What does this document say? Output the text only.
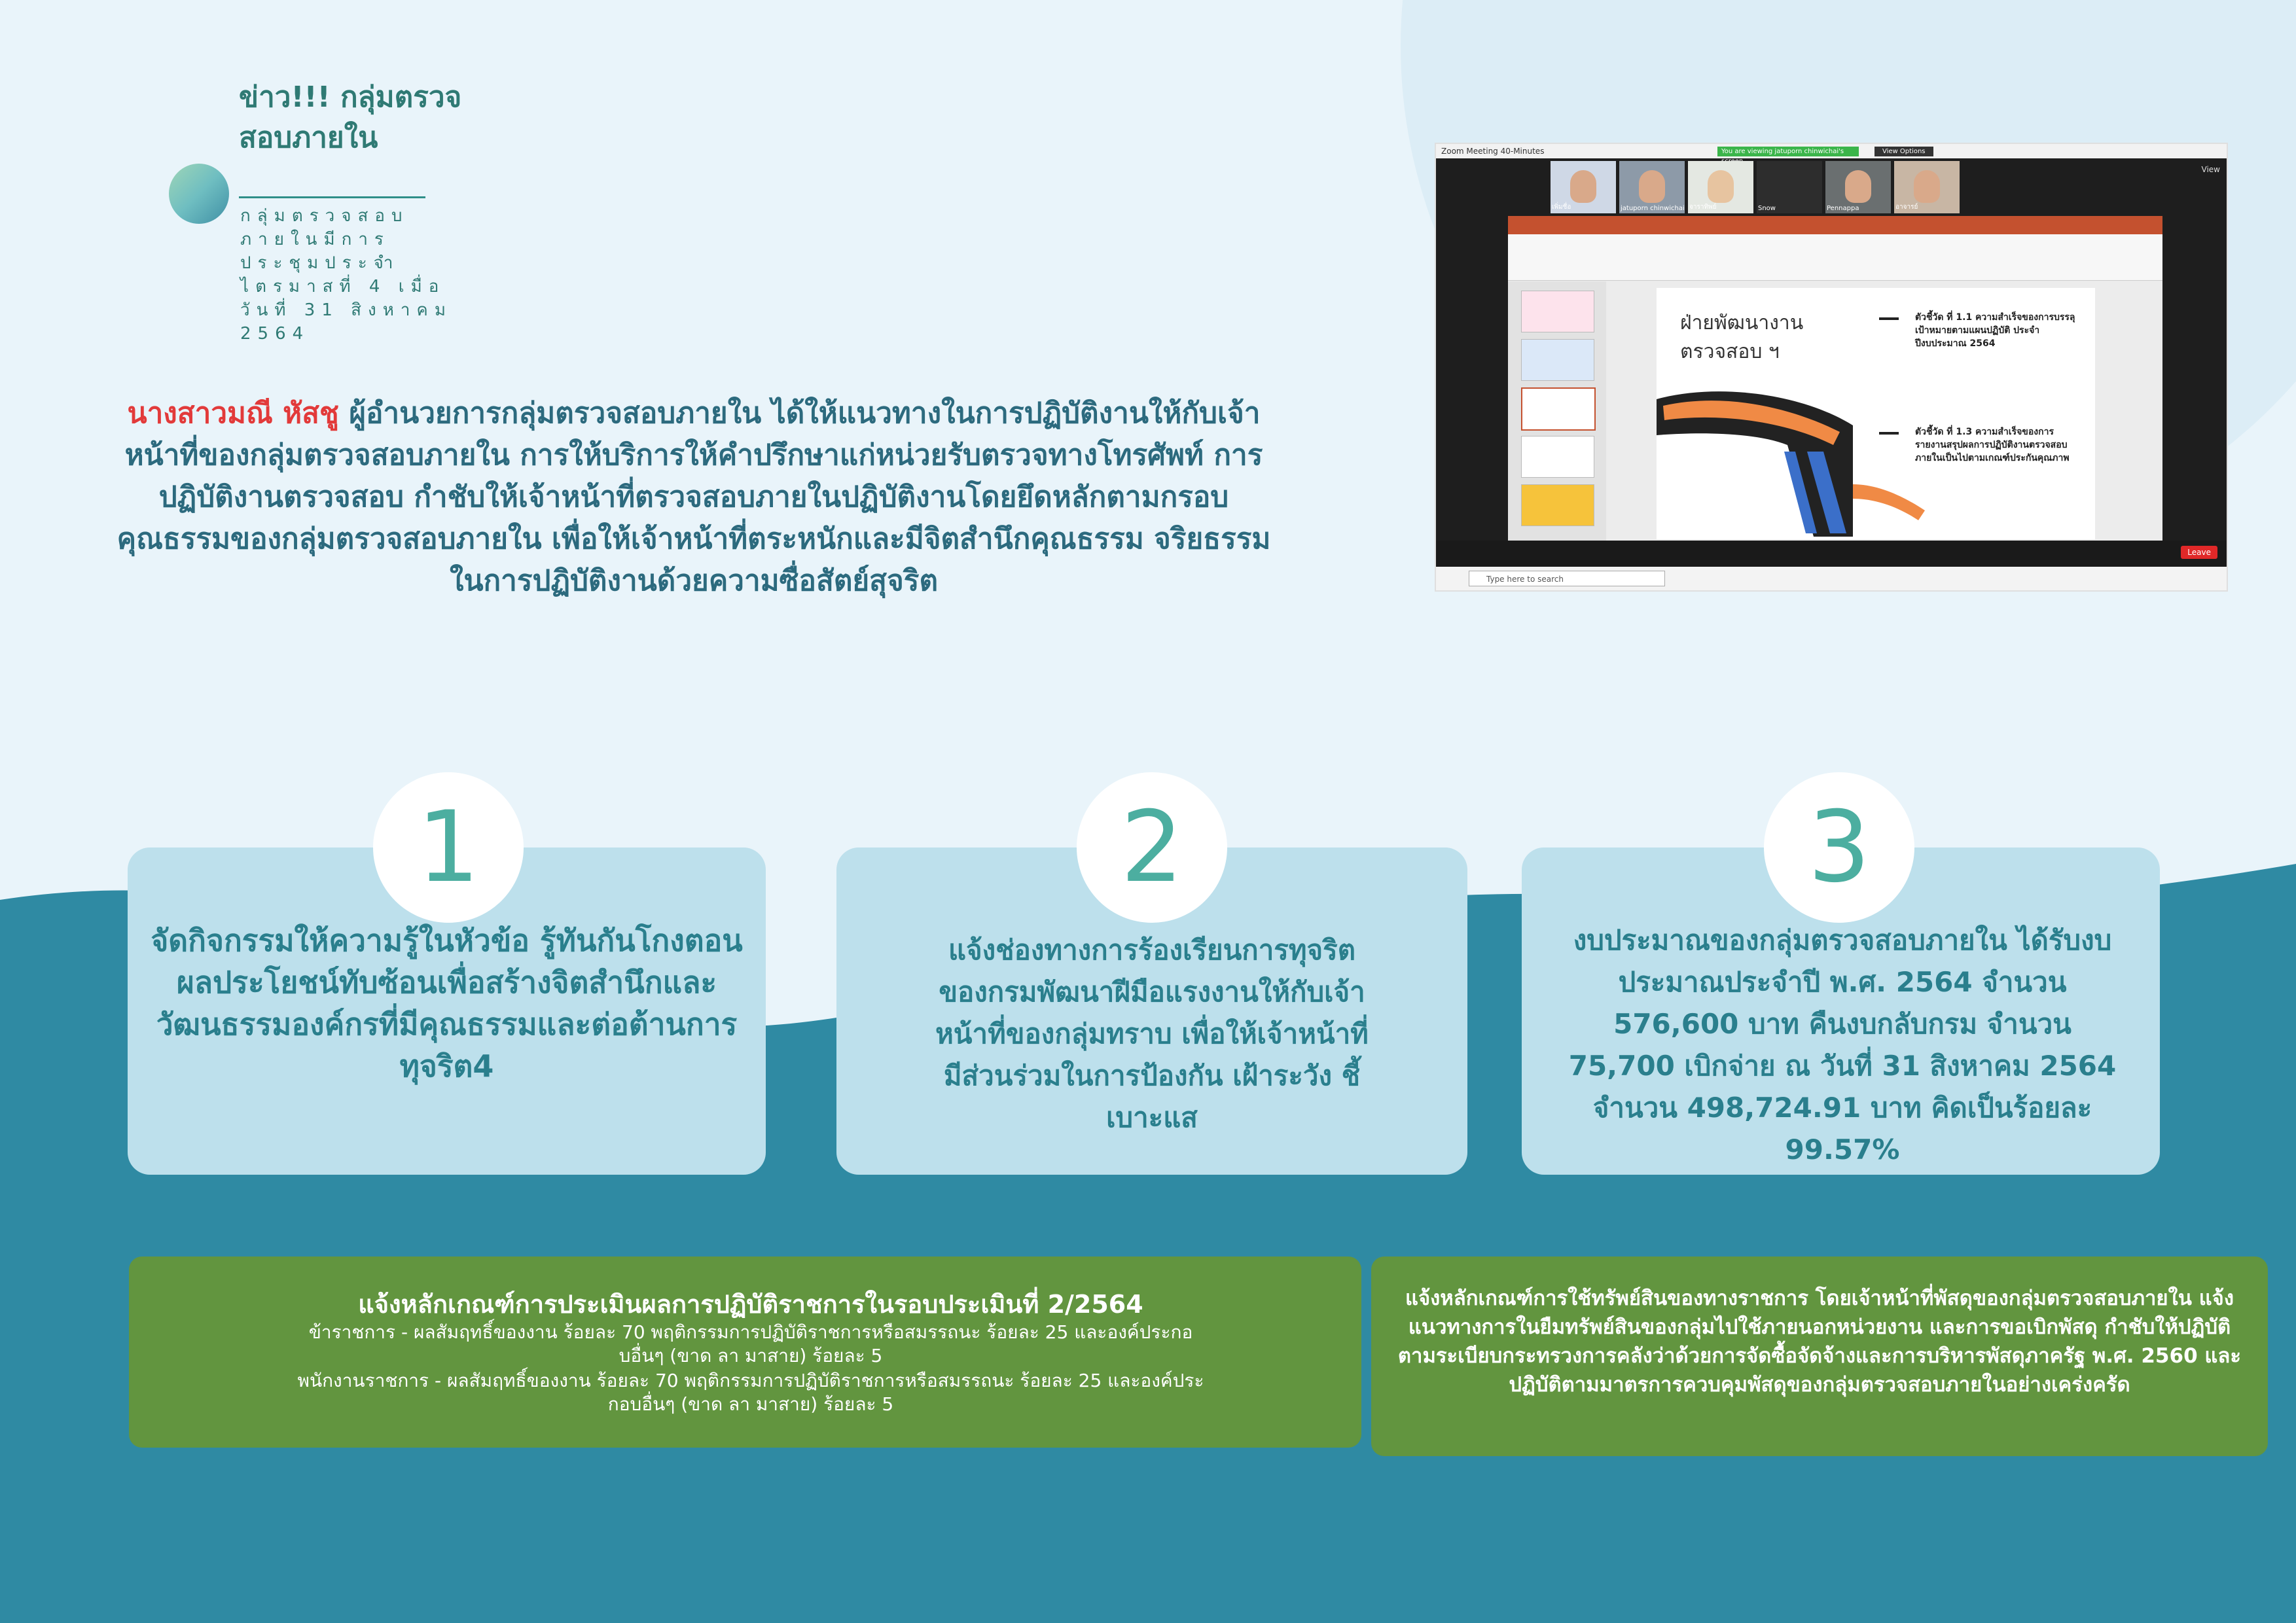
ข่าว!!! กลุ่มตรวจสอบภายใน
กลุ่มตรวจสอบภายในมีการประชุมประจำไตรมาสที่ 4 เมื่อวันที่ 31 สิงหาคม 2564

นางสาวมณี หัสชู ผู้อำนวยการกลุ่มตรวจสอบภายใน ได้ให้แนวทางในการปฏิบัติงานให้กับเจ้าหน้าที่ของกลุ่มตรวจสอบภายใน การให้บริการให้คำปรึกษาแก่หน่วยรับตรวจทางโทรศัพท์ การปฏิบัติงานตรวจสอบ กำชับให้เจ้าหน้าที่ตรวจสอบภายในปฏิบัติงานโดยยึดหลักตามกรอบคุณธรรมของกลุ่มตรวจสอบภายใน เพื่อให้เจ้าหน้าที่ตระหนักและมีจิตสำนึกคุณธรรม จริยธรรมในการปฏิบัติงานด้วยความซื่อสัตย์สุจริต

Zoom Meeting 40-Minutes	You are viewing jatuporn chinwichai's	View Options
View
เพิ่มชื่อ	jatuporn chinwichai จาราทิพย์	Snow	Pennappa	อาจารย์
ฝ่ายพัฒนางาน
ตรวจสอบ ฯ
ตัวชี้วัด ที่ 1.1 ความสำเร็จของการบรรลุเป้าหมายตามแผนปฏิบัติ ประจำปีงบประมาณ 2564
ตัวชี้วัด ที่ 1.3 ความสำเร็จของการรายงานสรุปผลการปฏิบัติงานตรวจสอบภายในเป็นไปตามเกณฑ์ประกันคุณภาพ
Leave
Type here to search
จัดกิจกรรมให้ความรู้ในหัวข้อ รู้ทันกันโกงตอน ผลประโยชน์ทับซ้อนเพื่อสร้างจิตสำนึกและวัฒนธรรมองค์กรที่มีคุณธรรมและต่อต้านการทุจริต4
1
แจ้งช่องทางการร้องเรียนการทุจริตของกรมพัฒนาฝีมือแรงงานให้กับเจ้าหน้าที่ของกลุ่มทราบ เพื่อให้เจ้าหน้าที่มีส่วนร่วมในการป้องกัน เฝ้าระวัง ชี้เบาะแส
2
งบประมาณของกลุ่มตรวจสอบภายใน ได้รับงบประมาณประจำปี พ.ศ. 2564 จำนวน 576,600 บาท คืนงบกลับกรม จำนวน 75,700 เบิกจ่าย ณ วันที่ 31 สิงหาคม 2564 จำนวน 498,724.91 บาท คิดเป็นร้อยละ 99.57%
3
แจ้งหลักเกณฑ์การประเมินผลการปฏิบัติราชการในรอบประเมินที่ 2/2564
ข้าราชการ - ผลสัมฤทธิ์ของงาน ร้อยละ 70 พฤติกรรมการปฏิบัติราชการหรือสมรรถนะ ร้อยละ 25 และองค์ประกอบอื่นๆ (ขาด ลา มาสาย) ร้อยละ 5
พนักงานราชการ - ผลสัมฤทธิ์ของงาน ร้อยละ 70 พฤติกรรมการปฏิบัติราชการหรือสมรรถนะ ร้อยละ 25 และองค์ประกอบอื่นๆ (ขาด ลา มาสาย) ร้อยละ 5
แจ้งหลักเกณฑ์การใช้ทรัพย์สินของทางราชการ โดยเจ้าหน้าที่พัสดุของกลุ่มตรวจสอบภายใน แจ้งแนวทางการในยืมทรัพย์สินของกลุ่มไปใช้ภายนอกหน่วยงาน และการขอเบิกพัสดุ กำชับให้ปฏิบัติตามระเบียบกระทรวงการคลังว่าด้วยการจัดซื้อจัดจ้างและการบริหารพัสดุภาครัฐ พ.ศ. 2560 และปฏิบัติตามมาตรการควบคุมพัสดุของกลุ่มตรวจสอบภายในอย่างเคร่งครัด
